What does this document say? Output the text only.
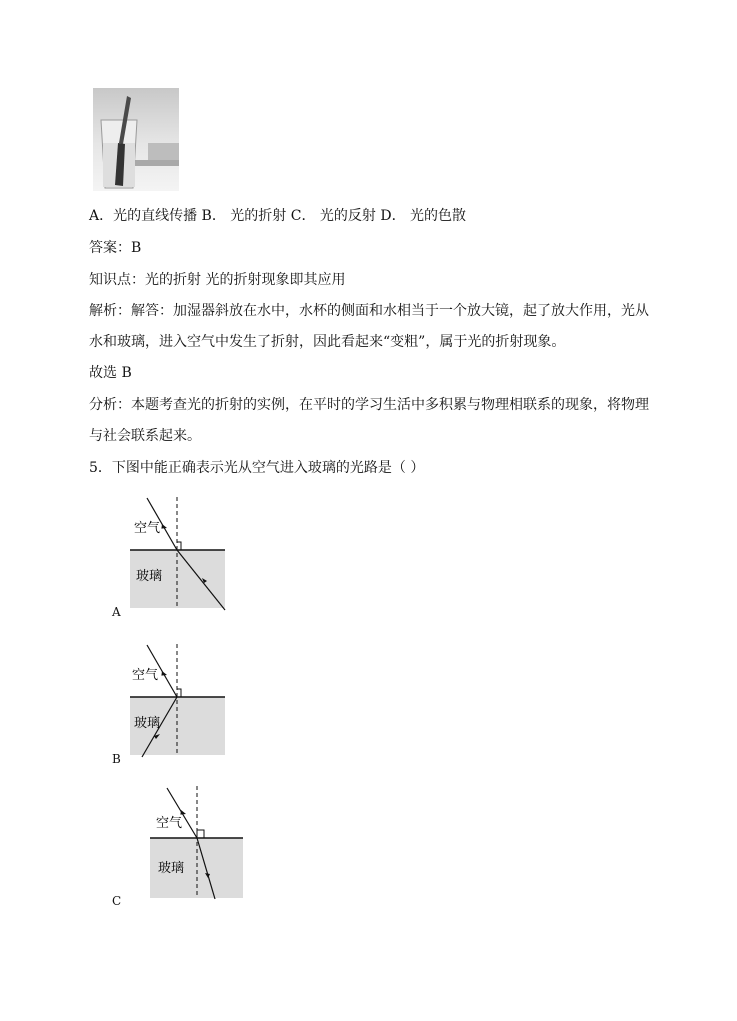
A．光的直线传播 B． 光的折射 C． 光的反射 D． 光的色散
答案：B
知识点：光的折射 光的折射现象即其应用
解析：解答：加湿器斜放在水中，水杯的侧面和水相当于一个放大镜，起了放大作用，光从
水和玻璃，进入空气中发生了折射，因此看起来“变粗”，属于光的折射现象。
故选 B
分析：本题考查光的折射的实例，在平时的学习生活中多积累与物理相联系的现象，将物理
与社会联系起来。
5．下图中能正确表示光从空气进入玻璃的光路是（ ）
空气
玻璃
A
空气
玻璃
B
空气
玻璃
C
